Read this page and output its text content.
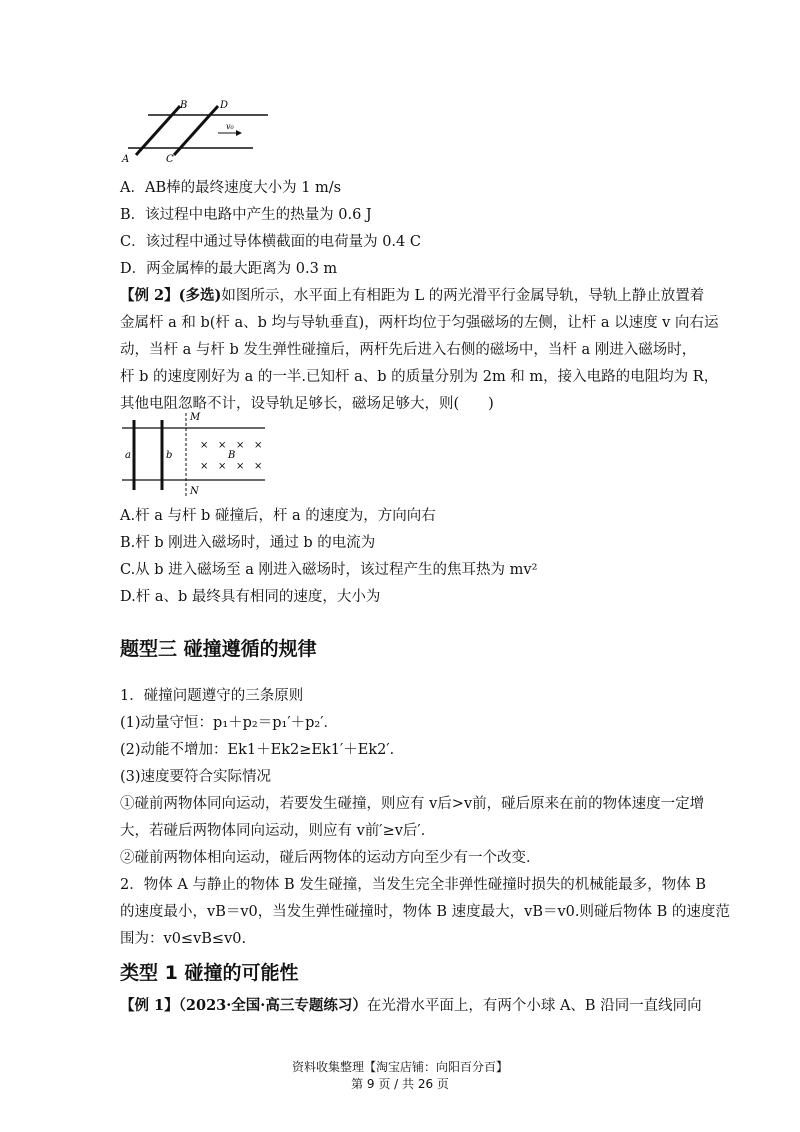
B	D
A	C
v₀
A．AB棒的最终速度大小为 1 m/s
B．该过程中电路中产生的热量为 0.6 J
C．该过程中通过导体横截面的电荷量为 0.4 C
D．两金属棒的最大距离为 0.3 m
【例 2】(多选)如图所示，水平面上有相距为 L 的两光滑平行金属导轨，导轨上静止放置着
金属杆 a 和 b(杆 a、b 均与导轨垂直)，两杆均位于匀强磁场的左侧，让杆 a 以速度 v 向右运
动，当杆 a 与杆 b 发生弹性碰撞后，两杆先后进入右侧的磁场中，当杆 a 刚进入磁场时，
杆 b 的速度刚好为 a 的一半.已知杆 a、b 的质量分别为 2m 和 m，接入电路的电阻均为 R，
其他电阻忽略不计，设导轨足够长，磁场足够大，则(　　)
M
N
a	b	B
× × × ×
× × × ×
A.杆 a 与杆 b 碰撞后，杆 a 的速度为，方向向右
B.杆 b 刚进入磁场时，通过 b 的电流为
C.从 b 进入磁场至 a 刚进入磁场时，该过程产生的焦耳热为 mv²
D.杆 a、b 最终具有相同的速度，大小为
题型三 碰撞遵循的规律
1．碰撞问题遵守的三条原则
(1)动量守恒：p₁＋p₂＝p₁′＋p₂′．
(2)动能不增加：Ek1＋Ek2≥Ek1′＋Ek2′．
(3)速度要符合实际情况
①碰前两物体同向运动，若要发生碰撞，则应有 v后>v前，碰后原来在前的物体速度一定增
大，若碰后两物体同向运动，则应有 v前′≥v后′．
②碰前两物体相向运动，碰后两物体的运动方向至少有一个改变．
2．物体 A 与静止的物体 B 发生碰撞，当发生完全非弹性碰撞时损失的机械能最多，物体 B
的速度最小，vB＝v0，当发生弹性碰撞时，物体 B 速度最大，vB＝v0.则碰后物体 B 的速度范
围为：v0≤vB≤v0.
类型 1 碰撞的可能性
【例 1】（2023·全国·高三专题练习）在光滑水平面上，有两个小球 A、B 沿同一直线同向
资料收集整理【淘宝店铺：向阳百分百】
第 9 页 / 共 26 页
